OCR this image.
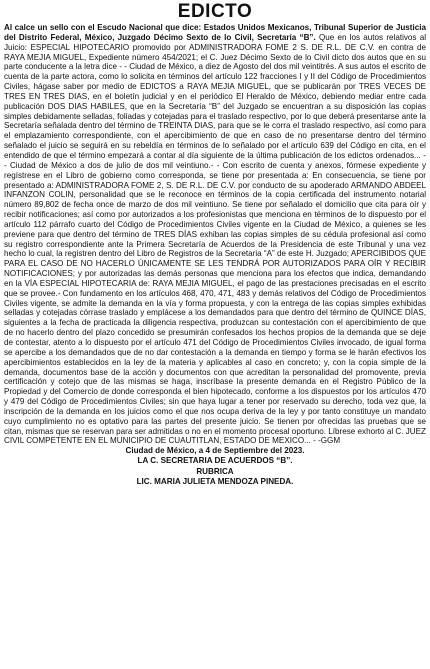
EDICTO

Al calce un sello con el Escudo Nacional que dice: Estados Unidos Mexicanos, Tribunal Superior de Justicia del Distrito Federal, México, Juzgado Décimo Sexto de lo Civil, Secretaría “B”. Que en los autos relativos al Juicio: ESPECIAL HIPOTECARIO promovido por ADMINISTRADORA FOME 2 S. DE R.L. DE C.V. en contra de RAYA MEJIA MIGUEL, Expediente número 454/2021; el C. Juez Décimo Sexto de lo Civil dicto dos autos que en su parte conducente a la letra dice - - Ciudad de México, a diez de Agosto del dos mil veintitrés. A sus autos el escrito de cuenta de la parte actora, como lo solicita en términos del artículo 122 fracciones I y II del Código de Procedimientos Civiles, hágase saber por medio de EDICTOS a RAYA MEJIA MIGUEL, que se publicarán por TRES VECES DE TRES EN TRES DIAS, en el boletín judicial y en el periódico El Heraldo de México, debiendo mediar entre cada publicación DOS DIAS HABILES, que en la Secretaría “B” del Juzgado se encuentran a su disposición las copias simples debidamente selladas, foliadas y cotejadas para el traslado respectivo, por lo que deberá presentarse ante la Secretaría señalada dentro del término de TREINTA DIAS, para que se le corra el traslado respectivo, así como para el emplazamiento correspondiente, con el apercibimiento de que en caso de no presentarse dentro del término señalado el juicio se seguirá en su rebeldía en términos de lo señalado por el artículo 639 del Código en cita, en el entendido de que el término empezará a contar al día siguiente de la última publicación de los edictos ordenados... - - Ciudad de México a dos de julio de dos mil veintiuno.- - Con escrito de cuenta y anexos, fórmese expediente y regístrese en el Libro de gobierno como corresponda, se tiene por presentada a: En consecuencia, se tiene por presentado a: ADMINISTRADORA FOME 2, S. DE R.L. DE C.V. por conducto de su apoderado ARMANDO ABDEEL INFANZON COLIN, personalidad que se le reconoce en términos de la copia certificada del instrumento notarial número 89,802 de fecha once de marzo de dos mil veintiuno. Se tiene por señalado el domicilio que cita para oír y recibir notificaciones; así como por autorizados a los profesionistas que menciona en términos de lo dispuesto por el artículo 112 párrafo cuarto del Código de Procedimientos Civiles vigente en la Ciudad de México, a quienes se les previene para que dentro del término de TRES DÍAS exhiban las copias simples de su cédula profesional así como su registro correspondiente ante la Primera Secretaría de Acuerdos de la Presidencia de este Tribunal y una vez hecho lo cual, la registren dentro del Libro de Registros de la Secretaria “A” de este H. Juzgado; APERCIBIDOS QUE PARA EL CASO DE NO HACERLO ÚNICAMENTE SE LES TENDRÁ POR AUTORIZADOS PARA OÍR Y RECIBIR NOTIFICACIONES; y por autorizadas las demás personas que menciona para los efectos que indica, demandando en la VÍA ESPECIAL HIPOTECARIA de: RAYA MEJIA MIGUEL, el pago de las prestaciones precisadas en el escrito que se provee.- Con fundamento en los artículos 468, 470, 471, 483 y demás relativos del Código de Procedimientos Civiles vigente, se admite la demanda en la vía y forma propuesta, y con la entrega de las copias simples exhibidas selladas y cotejadas córrase traslado y emplácese a los demandados para que dentro del término de QUINCE DÍAS, siguientes a la fecha de practicada la diligencia respectiva, produzcan su contestación con el apercibimiento de que de no hacerlo dentro del plazo concedido se presumirán confesados los hechos propios de la demanda que se deje de contestar, atento a lo dispuesto por el artículo 471 del Código de Procedimientos Civiles invocado, de igual forma se apercibe a los demandados que de no dar contestación a la demanda en tiempo y forma se le harán efectivos los apercibimientos establecidos en la ley de la materia y aplicables al caso en concreto; y, con la copia simple de la demanda, documentos base de la acción y documentos con que acreditan la personalidad del promovente, previa certificación y cotejo que de las mismas se haga, inscríbase la presente demanda en el Registro Público de la Propiedad y del Comercio de donde corresponda el bien hipotecado, conforme a los dispuestos por los artículos 470 y 479 del Código de Procedimientos Civiles; sin que haya lugar a tener por reservado su derecho, toda vez que, la inscripción de la demanda en los juicios como el que nos ocupa deriva de la ley y por tanto constituye un mandato cuyo cumplimiento no es optativo para las partes del presente juicio. Se tienen por ofrecidas las pruebas que se citan, mismas que se reservan para ser admitidas o no en el momento procesal oportuno. Líbrese exhorto al C. JUEZ CIVIL COMPETENTE EN EL MUNICIPIO DE CUAUTITLAN, ESTADO DE MEXICO... - -GGM

Ciudad de México, a 4 de Septiembre del 2023.

LA C. SECRETARIA DE ACUERDOS “B”.

RUBRICA

LIC. MARIA JULIETA MENDOZA PINEDA.
